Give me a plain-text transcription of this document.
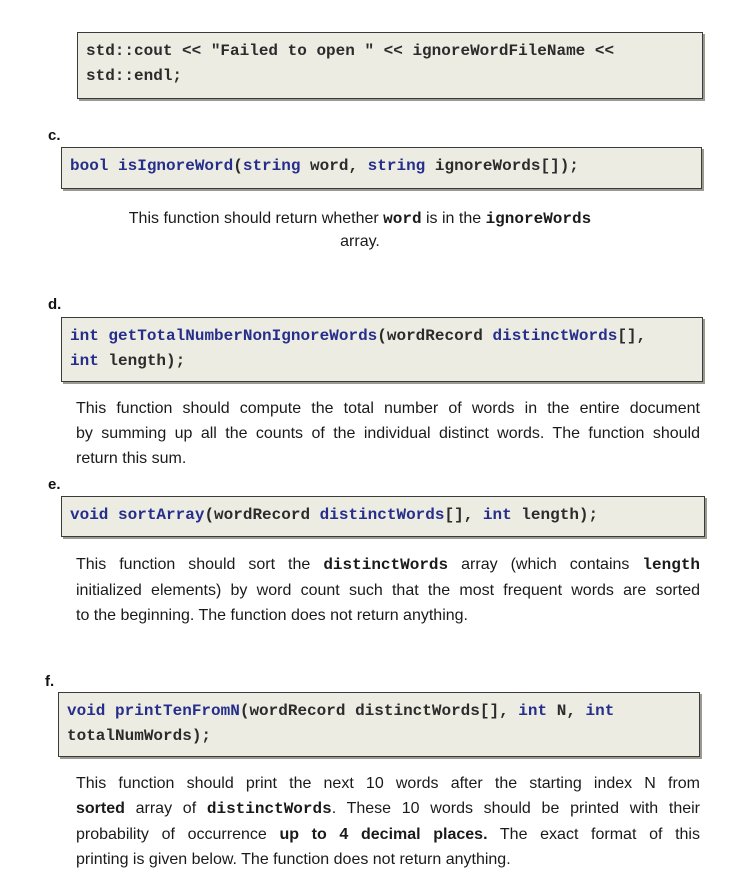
std::cout << "Failed to open " << ignoreWordFileName <<
std::endl;
c.
bool isIgnoreWord(string word, string ignoreWords[]);
This function should return whether word is in the ignoreWords
array.
d.
int getTotalNumberNonIgnoreWords(wordRecord distinctWords[],
int length);
This function should compute the total number of words in the entire document
by summing up all the counts of the individual distinct words. The function should
return this sum.
e.
void sortArray(wordRecord distinctWords[], int length);
This function should sort the distinctWords array (which contains length
initialized elements) by word count such that the most frequent words are sorted
to the beginning. The function does not return anything.
f.
void printTenFromN(wordRecord distinctWords[], int N, int
totalNumWords);
This function should print the next 10 words after the starting index N from
sorted array of distinctWords. These 10 words should be printed with their
probability of occurrence up to 4 decimal places. The exact format of this
printing is given below. The function does not return anything.
